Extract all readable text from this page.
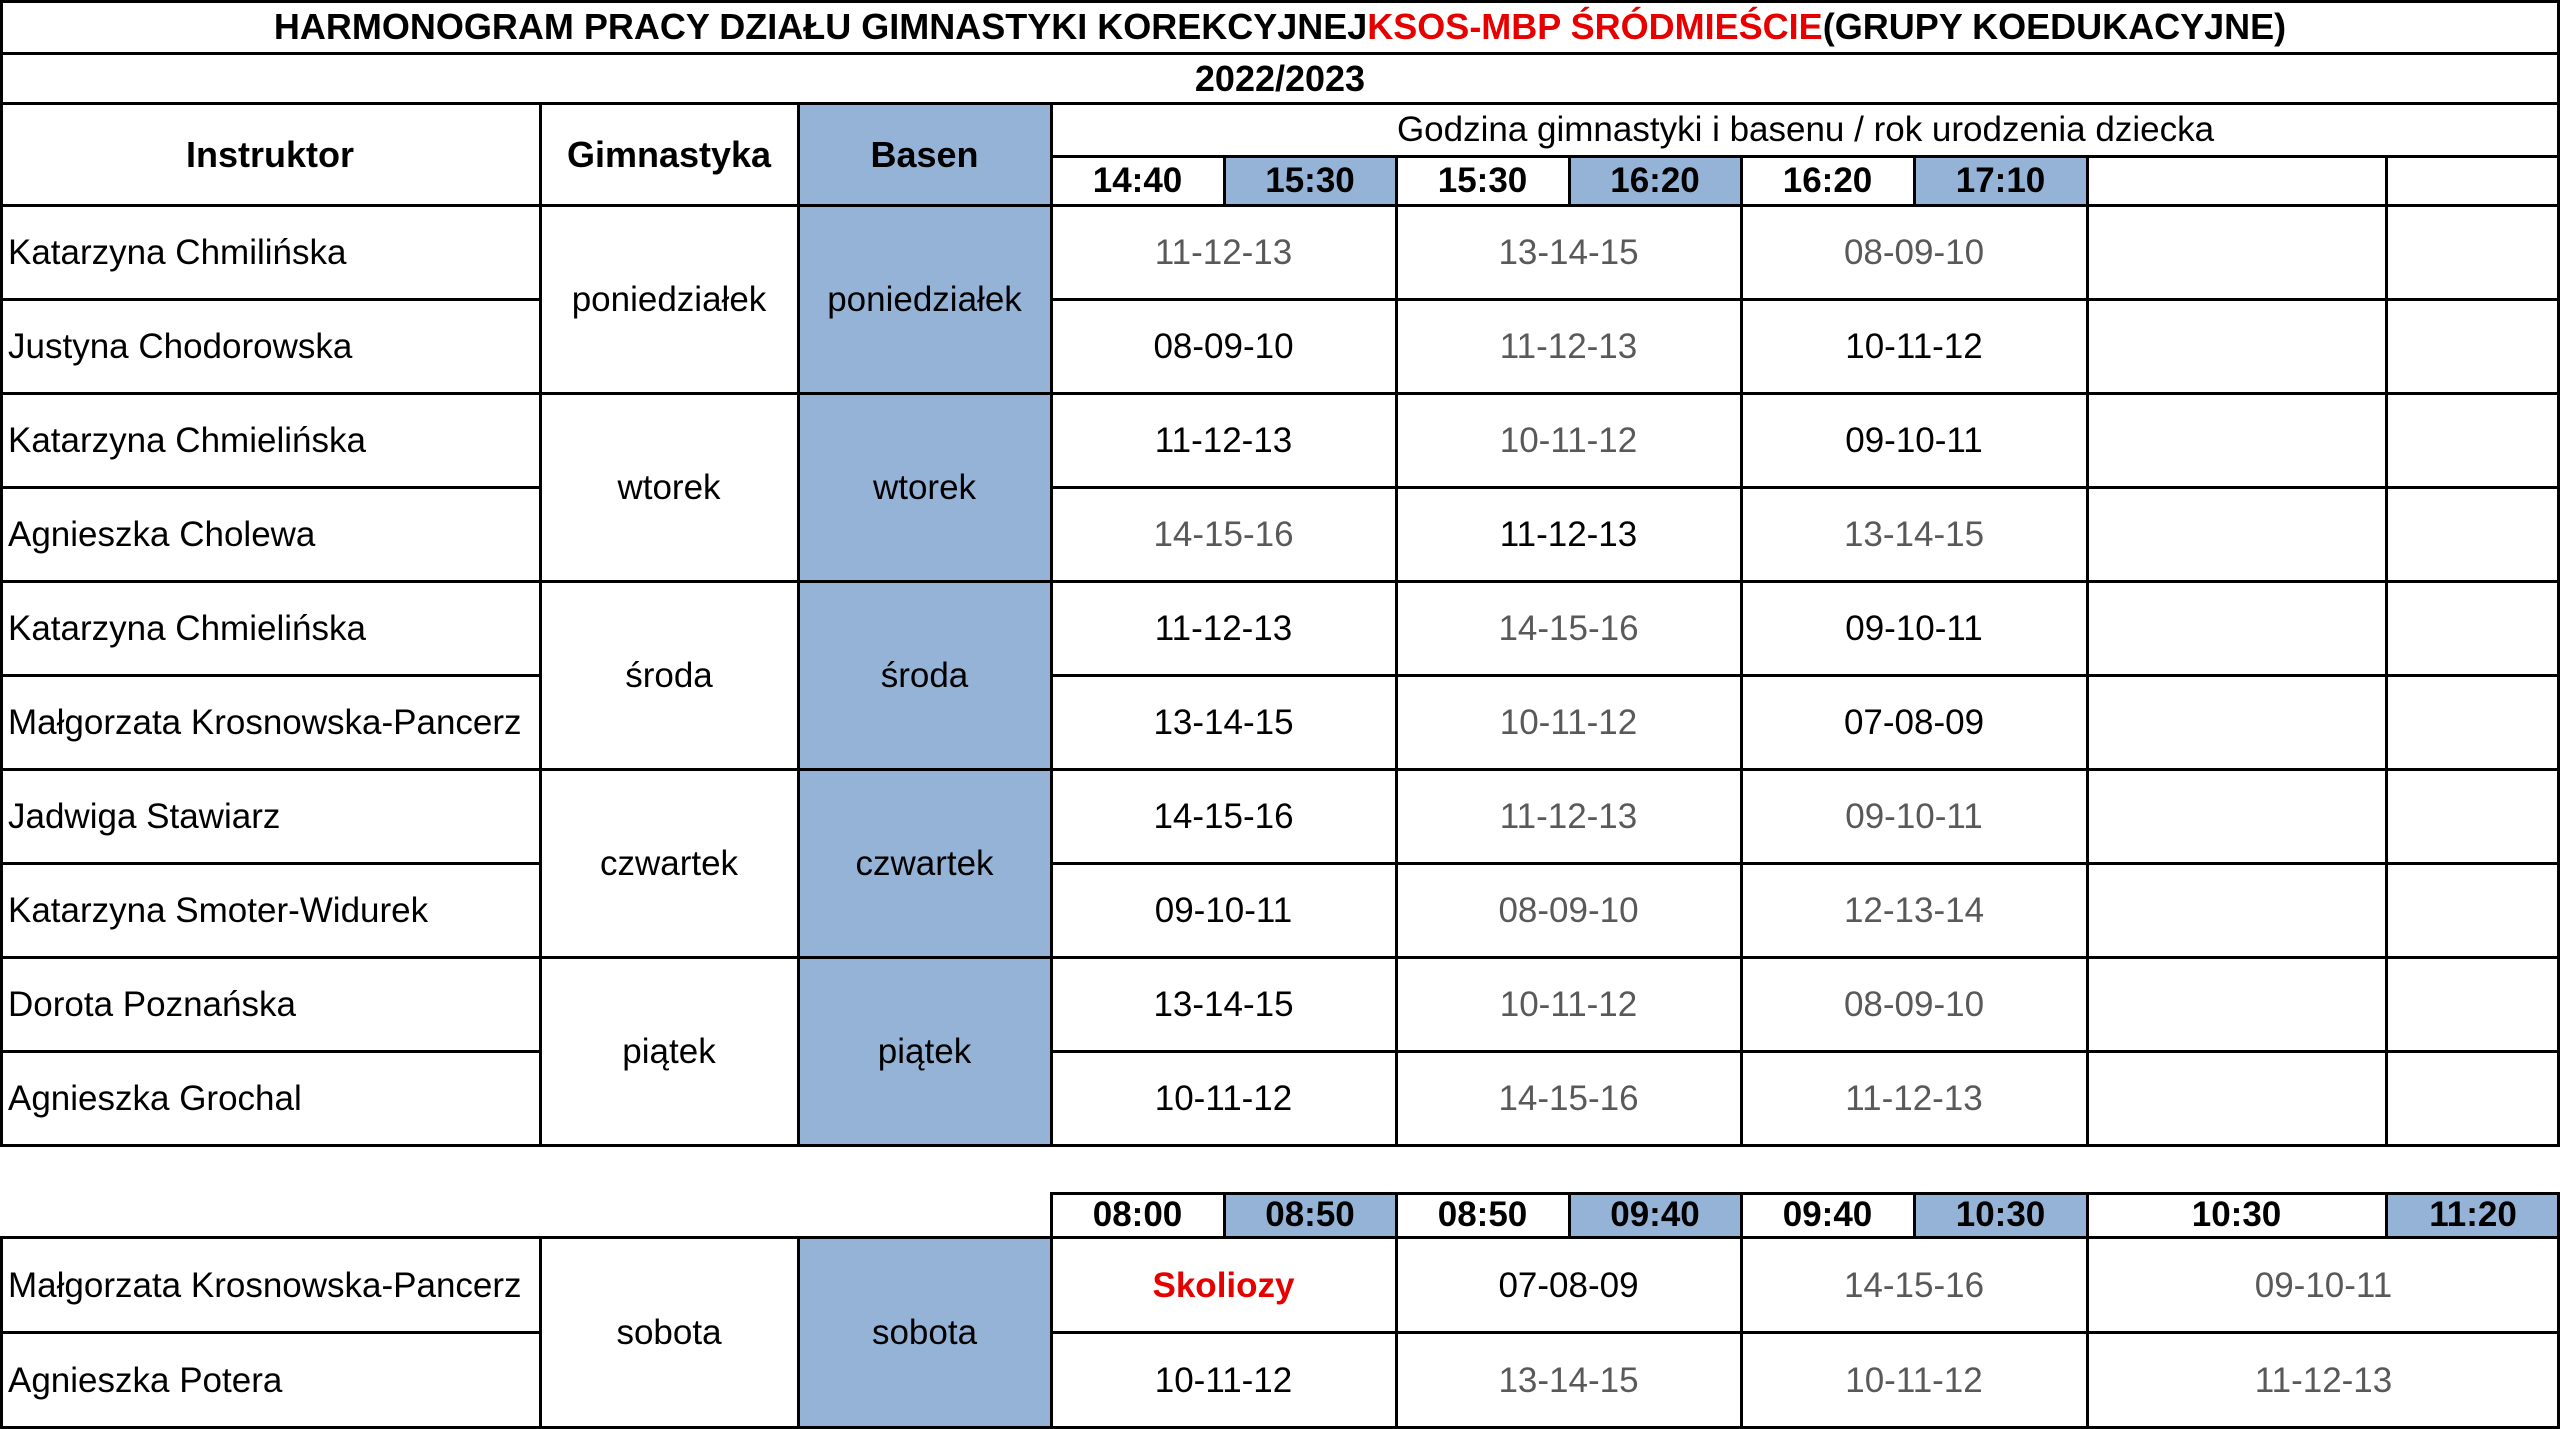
14:40	15:30	15:30	16:20	16:20	17:10
poniedziałek	poniedziałek
Katarzyna Chmilińska	11-12-13	13-14-15	08-09-10
Justyna Chodorowska	08-09-10	11-12-13	10-11-12
wtorek	wtorek
Katarzyna Chmielińska	11-12-13	10-11-12	09-10-11
Agnieszka Cholewa	14-15-16	11-12-13	13-14-15
środa	środa
Katarzyna Chmielińska	11-12-13	14-15-16	09-10-11
Małgorzata Krosnowska-Pancerz	13-14-15	10-11-12	07-08-09
czwartek	czwartek
Jadwiga Stawiarz	14-15-16	11-12-13	09-10-11
Katarzyna Smoter-Widurek	09-10-11	08-09-10	12-13-14
piątek	piątek
Dorota Poznańska	13-14-15	10-11-12	08-09-10
Agnieszka Grochal	10-11-12	14-15-16	11-12-13
08:00	08:50	08:50	09:40	09:40	10:30	10:30	11:20
sobota	sobota
Małgorzata Krosnowska-Pancerz	Skoliozy	07-08-09	14-15-16	09-10-11
Agnieszka Potera	10-11-12	13-14-15	10-11-12	11-12-13
HARMONOGRAM PRACY DZIAŁU GIMNASTYKI KOREKCYJNEJ KSOS-MBP ŚRÓDMIEŚCIE (GRUPY KOEDUKACYJNE)
2022/2023
Instruktor	Gimnastyka	Basen
Godzina gimnastyki i basenu / rok urodzenia dziecka
